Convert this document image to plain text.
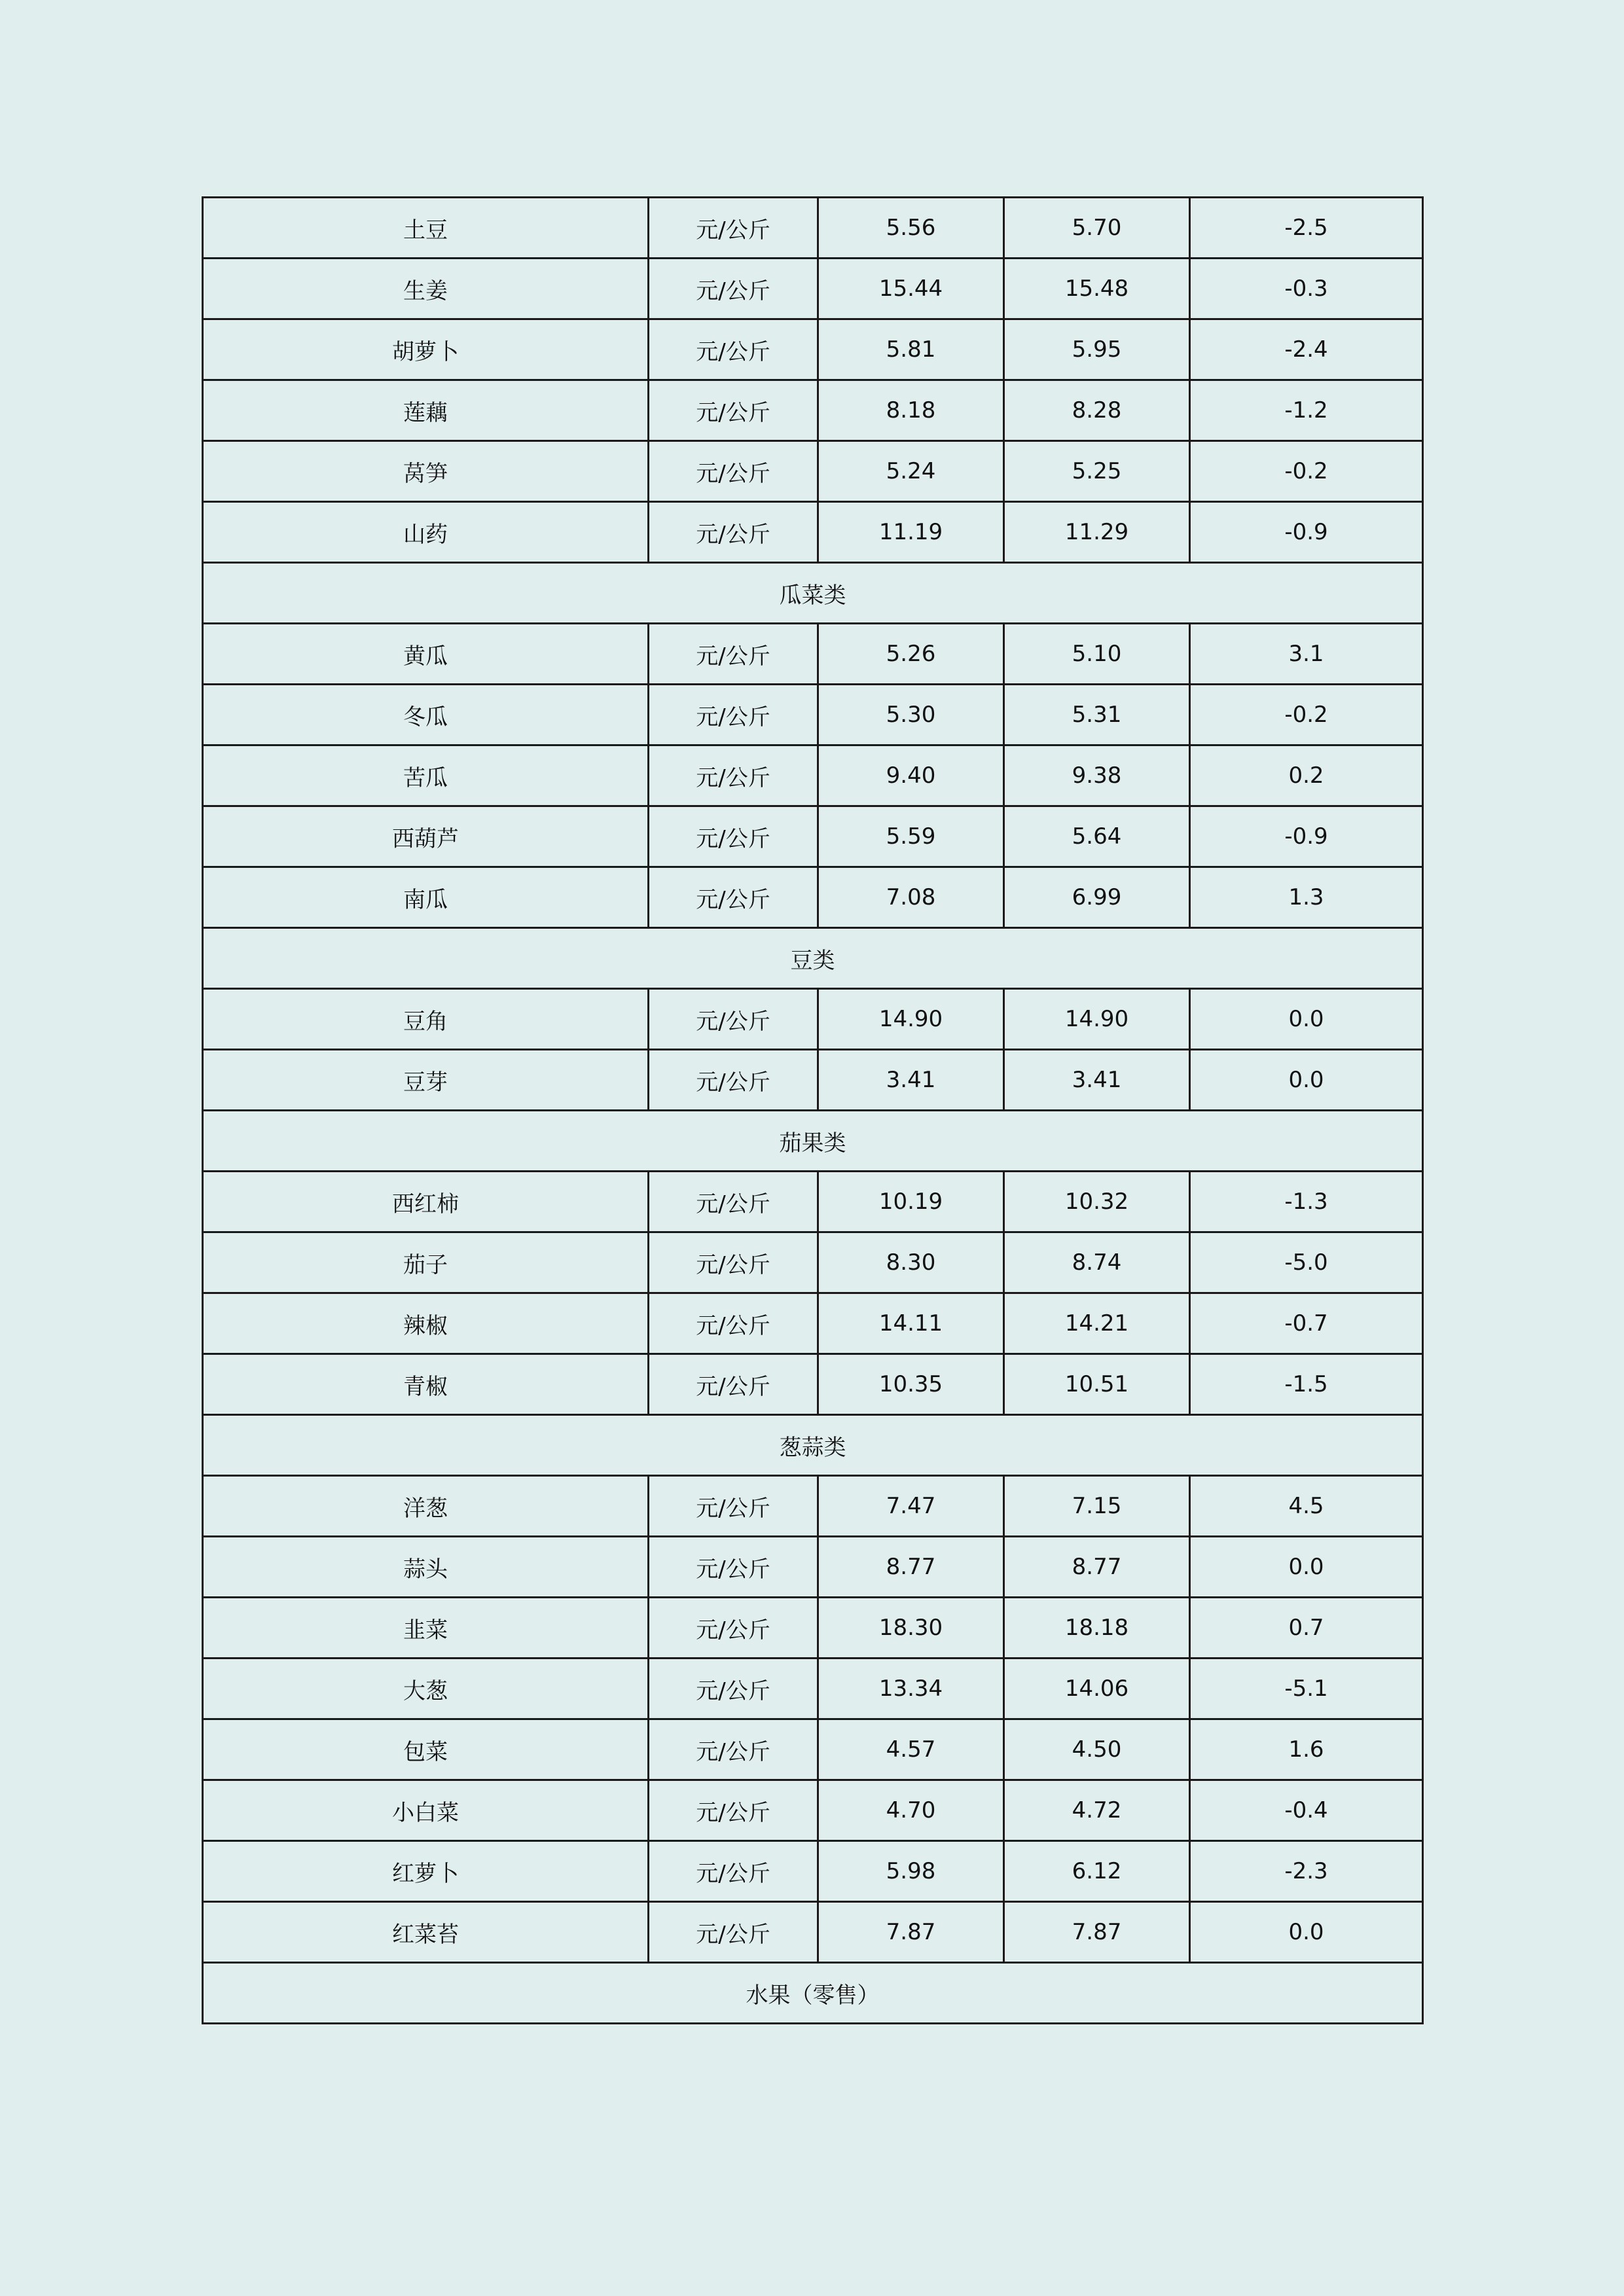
土豆	元/公斤	5.56	5.70	-2.5
生姜	元/公斤	15.44	15.48	-0.3
胡萝卜	元/公斤	5.81	5.95	-2.4
莲藕	元/公斤	8.18	8.28	-1.2
莴笋	元/公斤	5.24	5.25	-0.2
山药	元/公斤	11.19	11.29	-0.9
瓜菜类				
黄瓜	元/公斤	5.26	5.10	3.1
冬瓜	元/公斤	5.30	5.31	-0.2
苦瓜	元/公斤	9.40	9.38	0.2
西葫芦	元/公斤	5.59	5.64	-0.9
南瓜	元/公斤	7.08	6.99	1.3
豆类				
豆角	元/公斤	14.90	14.90	0.0
豆芽	元/公斤	3.41	3.41	0.0
茄果类				
西红柿	元/公斤	10.19	10.32	-1.3
茄子	元/公斤	8.30	8.74	-5.0
辣椒	元/公斤	14.11	14.21	-0.7
青椒	元/公斤	10.35	10.51	-1.5
葱蒜类				
洋葱	元/公斤	7.47	7.15	4.5
蒜头	元/公斤	8.77	8.77	0.0
韭菜	元/公斤	18.30	18.18	0.7
大葱	元/公斤	13.34	14.06	-5.1
包菜	元/公斤	4.57	4.50	1.6
小白菜	元/公斤	4.70	4.72	-0.4
红萝卜	元/公斤	5.98	6.12	-2.3
红菜苔	元/公斤	7.87	7.87	0.0
水果（零售）				
